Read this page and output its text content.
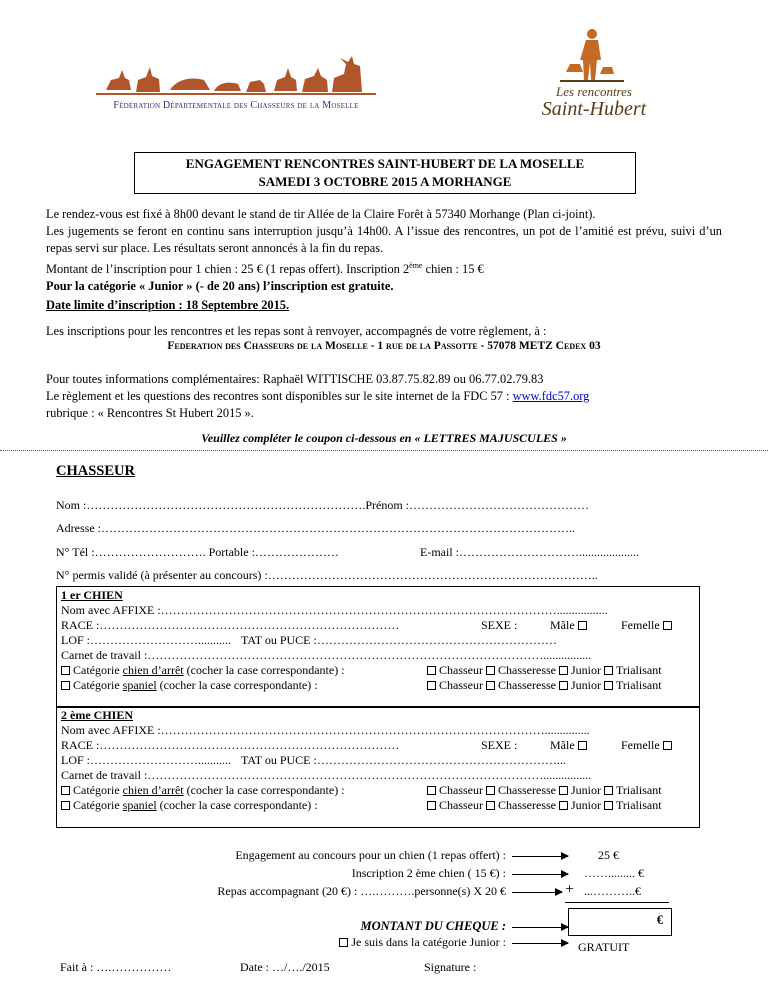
Fédération Départementale des Chasseurs de la Moselle
Les rencontres
Saint-Hubert
ENGAGEMENT RENCONTRES SAINT-HUBERT DE LA MOSELLE
SAMEDI 3 OCTOBRE 2015 A MORHANGE
Le rendez-vous est fixé à 8h00 devant le stand de tir Allée de la Claire Forêt à 57340 Morhange (Plan ci-joint).
Les jugements se feront en continu sans interruption jusqu’à 14h00. A l’issue des rencontres, un pot de l’amitié est prévu, suivi d’un repas servi sur place. Les résultats seront annoncés à la fin du repas.
Montant de l’inscription pour 1 chien : 25 € (1 repas offert). Inscription 2ème chien : 15 €
Pour la catégorie « Junior » (- de 20 ans) l’inscription est gratuite.
Date limite d’inscription : 18 Septembre 2015.
Les inscriptions pour les rencontres et les repas sont à renvoyer, accompagnés de votre règlement, à :
Federation des Chasseurs de la Moselle - 1 rue de la Passotte - 57078 METZ Cedex 03
Pour toutes informations complémentaires: Raphaël WITTISCHE 03.87.75.82.89 ou 06.77.02.79.83
Le règlement et les questions des recontres sont disponibles sur le site internet de la FDC 57 : www.fdc57.org
rubrique : « Rencontres St Hubert 2015 ».
Veuillez compléter le coupon ci-dessous en « LETTRES MAJUSCULES »
CHASSEUR
Nom :…………………………………………………………….Prénom :………………………………………
Adresse :………………………………………………………………………………………………………..
N° Tél :………………………. Portable :…………………	E-mail :…………………………....................
N° permis validé (à présenter au concours) :………………………………………………………………………..
1 er CHIEN
Nom avec AFFIXE :……………………………………………………………………………………….................
RACE :…………………………………………………………………	SEXE :	Mâle	Femelle
LOF :………………………........... TAT ou PUCE :……………………………………………………
Carnet de travail :………………………………………………………………………………………................
Catégorie chien d’arrêt (cocher la case correspondante) :	Chasseur Chasseresse Junior Trialisant
Catégorie spaniel (cocher la case correspondante) :	Chasseur Chasseresse Junior Trialisant
2 ème CHIEN
Nom avec AFFIXE :……………………………………………………………………………………...............
RACE :…………………………………………………………………	SEXE :	Mâle	Femelle
LOF :………………………........... TAT ou PUCE :……………………………………………………...
Carnet de travail :………………………………………………………………………………………................
Catégorie chien d’arrêt (cocher la case correspondante) :	Chasseur Chasseresse Junior Trialisant
Catégorie spaniel (cocher la case correspondante) :	Chasseur Chasseresse Junior Trialisant
Engagement au concours pour un chien (1 repas offert) :	25 €
Inscription 2 ème chien ( 15 €) :	……......... €
Repas accompagnant (20 €) : ….……….personne(s) X 20 €	+ ...………..€
MONTANT DU CHEQUE :	€
Je suis dans la catégorie Junior :	GRATUIT
Fait à : ….……………	Date : …/…./2015	Signature :
